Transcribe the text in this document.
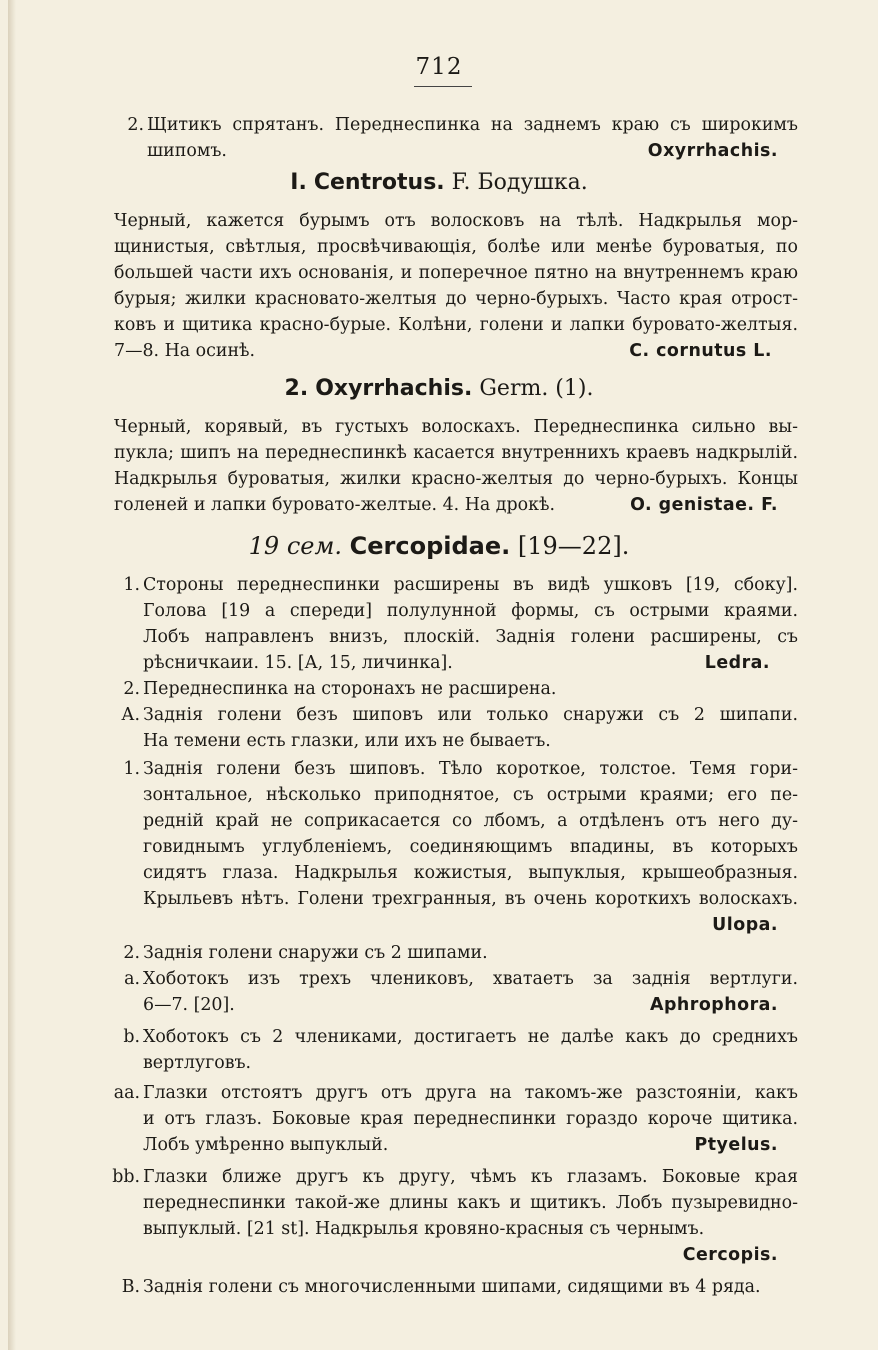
712
2. Щитикъ спрятанъ. Переднеспинка на заднемъ краю съ широкимъ
шипомъ.	Oxyrrhachis.
I. Centrotus. F. Бодушка.
Черный, кажется бурымъ отъ волосковъ на тѣлѣ. Надкрылья мор-
щинистыя, свѣтлыя, просвѣчивающія, болѣе или менѣе буроватыя, по
большей части ихъ основанія, и поперечное пятно на внутреннемъ краю
бурыя; жилки красновато-желтыя до черно-бурыхъ. Часто края отрост-
ковъ и щитика красно-бурые. Колѣни, голени и лапки буровато-желтыя.
7—8. На осинѣ.	C. cornutus L.
2. Oxyrrhachis. Germ. (1).
Черный, корявый, въ густыхъ волоскахъ. Переднеспинка сильно вы-
пукла; шипъ на переднеспинкѣ касается внутреннихъ краевъ надкрылій.
Надкрылья буроватыя, жилки красно-желтыя до черно-бурыхъ. Концы
голеней и лапки буровато-желтые. 4. На дрокѣ.	O. genistae. F.
19 сем. Cercopidae. [19—22].
1. Стороны переднеспинки расширены въ видѣ ушковъ [19, сбоку].
Голова [19 а спереди] полулунной формы, съ острыми краями.
Лобъ направленъ внизъ, плоскій. Заднія голени расширены, съ
рѣсничкаии. 15. [А, 15, личинка].	Ledra.
2. Переднеспинка на сторонахъ не расширена.
А. Заднія голени безъ шиповъ или только снаружи съ 2 шипапи.
На темени есть глазки, или ихъ не бываетъ.
1. Заднія голени безъ шиповъ. Тѣло короткое, толстое. Темя гори-
зонтальное, нѣсколько приподнятое, съ острыми краями; его пе-
редній край не соприкасается со лбомъ, а отдѣленъ отъ него ду-
говиднымъ углубленіемъ, соединяющимъ впадины, въ которыхъ
сидятъ глаза. Надкрылья кожистыя, выпуклыя, крышеобразныя.
Крыльевъ нѣтъ. Голени трехгранныя, въ очень короткихъ волоскахъ.
Ulopa.
2. Заднія голени снаружи съ 2 шипами.
а. Хоботокъ изъ трехъ члениковъ, хватаетъ за заднія вертлуги.
6—7. [20].	Aphrophora.
b. Хоботокъ съ 2 члениками, достигаетъ не далѣе какъ до среднихъ
вертлуговъ.
аа. Глазки отстоятъ другъ отъ друга на такомъ-же разстояніи, какъ
и отъ глазъ. Боковые края переднеспинки гораздо короче щитика.
Лобъ умѣренно выпуклый.	Ptyelus.
bb. Глазки ближе другъ къ другу, чѣмъ къ глазамъ. Боковые края
переднеспинки такой-же длины какъ и щитикъ. Лобъ пузыревидно-
выпуклый. [21 st]. Надкрылья кровяно-красныя съ чернымъ.
Cercopis.
В. Заднія голени съ многочисленными шипами, сидящими въ 4 ряда.
